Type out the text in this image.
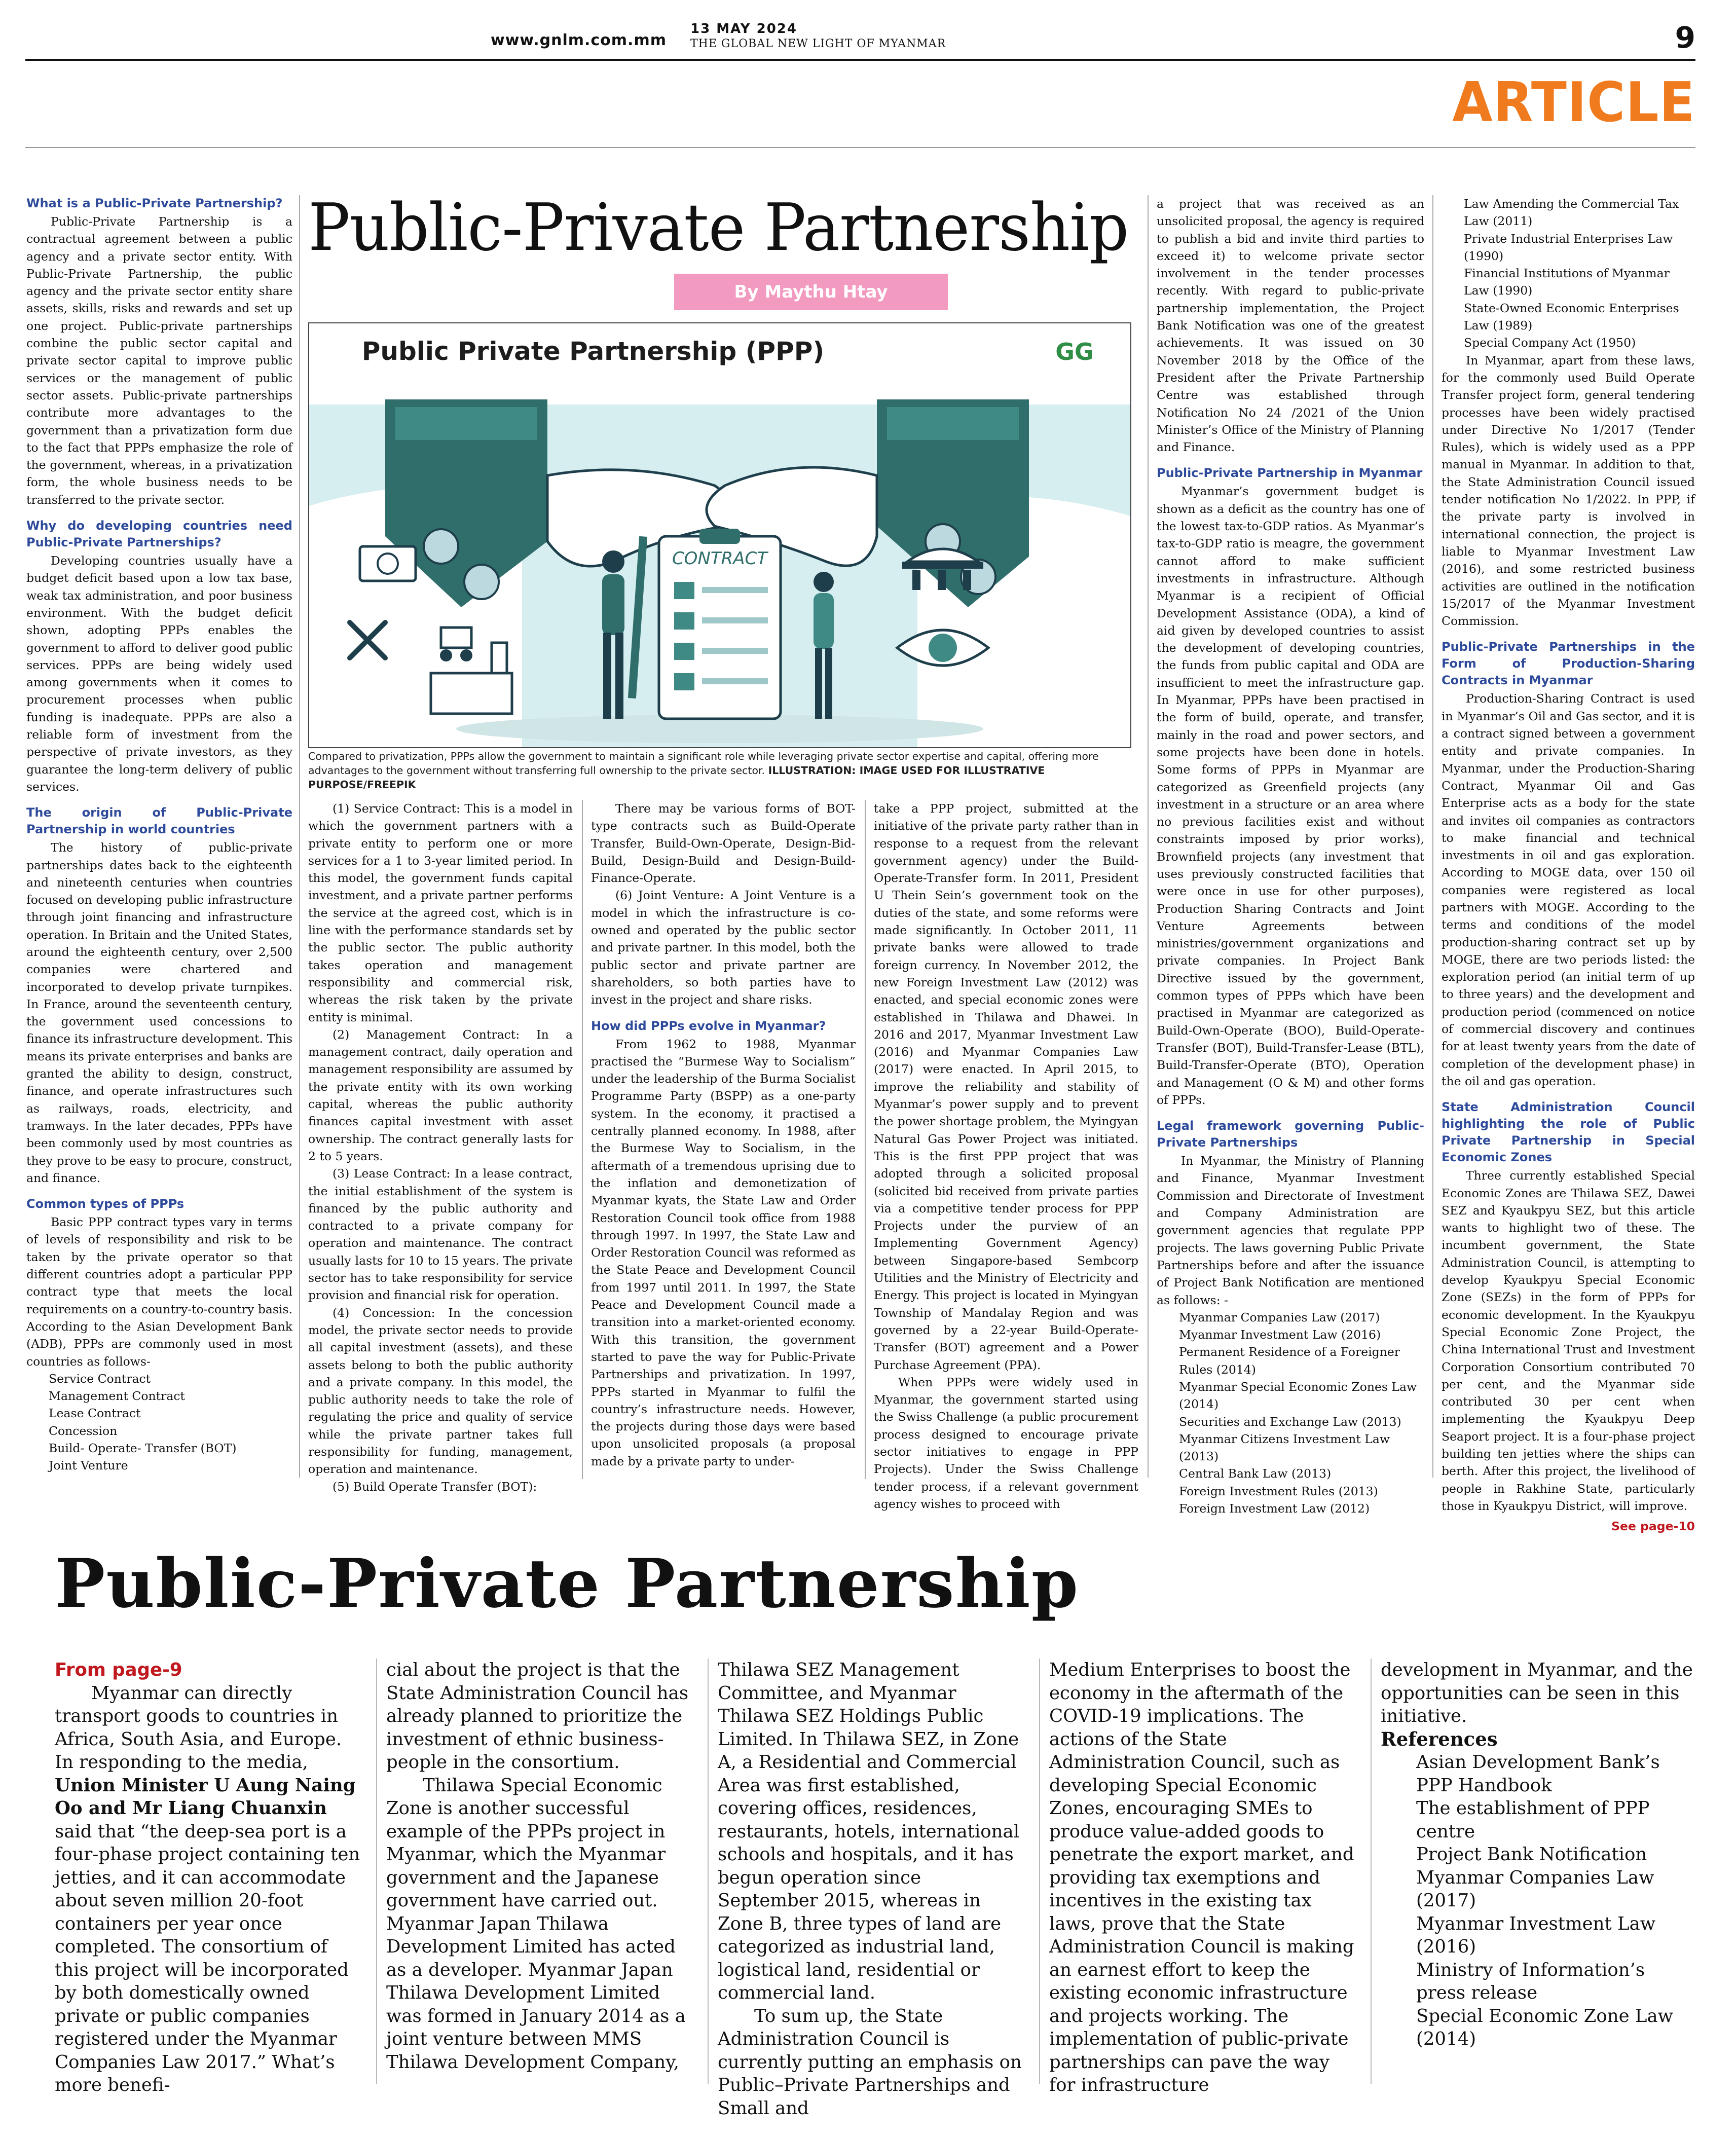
www.gnlm.com.mm
13 MAY 2024
THE GLOBAL NEW LIGHT OF MYANMAR	9
ARTICLE
What is a Public-Private Partnership?

Public-Private Partnership is a contractual agreement between a public agency and a private sector entity. With Public-Private Partnership, the public agency and the private sector entity share assets, skills, risks and rewards and set up one project. Public-private partnerships combine the public sector capital and private sector capital to improve public services or the management of public sector assets. Public-private partnerships contribute more advantages to the government than a privatization form due to the fact that PPPs emphasize the role of the government, whereas, in a privatization form, the whole business needs to be transferred to the private sector.

Why do developing countries need Public-Private Partnerships?

Developing countries usually have a budget deficit based upon a low tax base, weak tax administration, and poor business environment. With the budget deficit shown, adopting PPPs enables the government to afford to deliver good public services. PPPs are being widely used among governments when it comes to procurement processes when public funding is inadequate. PPPs are also a reliable form of investment from the perspective of private investors, as they guarantee the long-term delivery of public services.

The origin of Public-Private Partnership in world countries

The history of public-private partnerships dates back to the eighteenth and nineteenth centuries when countries focused on developing public infrastructure through joint financing and infrastructure operation. In Britain and the United States, around the eighteenth century, over 2,500 companies were chartered and incorporated to develop private turnpikes. In France, around the seventeenth century, the government used concessions to finance its infrastructure development. This means its private enterprises and banks are granted the ability to design, construct, finance, and operate infrastructures such as railways, roads, electricity, and tramways. In the later decades, PPPs have been commonly used by most countries as they prove to be easy to procure, construct, and finance.

Common types of PPPs

Basic PPP contract types vary in terms of levels of responsibility and risk to be taken by the private operator so that different countries adopt a particular PPP contract type that meets the local requirements on a country-to-country basis. According to the Asian Development Bank (ADB), PPPs are commonly used in most countries as follows-

Service Contract
Management Contract
Lease Contract
Concession
Build- Operate- Transfer (BOT)
Joint Venture
Public-Private Partnership
By Maythu Htay
CONTRACT
Public Private Partnership (PPP)	GG
Compared to privatization, PPPs allow the government to maintain a significant role while leveraging private sector expertise and capital, offering more advantages to the government without transferring full ownership to the private sector. ILLUSTRATION: IMAGE USED FOR ILLUSTRATIVE PURPOSE/FREEPIK

(1) Service Contract: This is a model in which the government partners with a private entity to perform one or more services for a 1 to 3-year limited period. In this model, the government funds capital investment, and a private partner performs the service at the agreed cost, which is in line with the performance standards set by the public sector. The public authority takes operation and management responsibility and commercial risk, whereas the risk taken by the private entity is minimal.

(2) Management Contract: In a management contract, daily operation and management responsibility are assumed by the private entity with its own working capital, whereas the public authority finances capital investment with asset ownership. The contract generally lasts for 2 to 5 years.

(3) Lease Contract: In a lease contract, the initial establishment of the system is financed by the public authority and contracted to a private company for operation and maintenance. The contract usually lasts for 10 to 15 years. The private sector has to take responsibility for service provision and financial risk for operation.

(4) Concession: In the concession model, the private sector needs to provide all capital investment (assets), and these assets belong to both the public authority and a private company. In this model, the public authority needs to take the role of regulating the price and quality of service while the private partner takes full responsibility for funding, management, operation and maintenance.

(5) Build Operate Transfer (BOT):

There may be various forms of BOT-type contracts such as Build-Operate Transfer, Build-Own-Operate, Design-Bid-Build, Design-Build and Design-Build-Finance-Operate.

(6) Joint Venture: A Joint Venture is a model in which the infrastructure is co-owned and operated by the public sector and private partner. In this model, both the public sector and private partner are shareholders, so both parties have to invest in the project and share risks.

How did PPPs evolve in Myanmar?

From 1962 to 1988, Myanmar practised the “Burmese Way to Socialism” under the leadership of the Burma Socialist Programme Party (BSPP) as a one-party system. In the economy, it practised a centrally planned economy. In 1988, after the Burmese Way to Socialism, in the aftermath of a tremendous uprising due to the inflation and demonetization of Myanmar kyats, the State Law and Order Restoration Council took office from 1988 through 1997. In 1997, the State Law and Order Restoration Council was reformed as the State Peace and Development Council from 1997 until 2011. In 1997, the State Peace and Development Council made a transition into a market-oriented economy. With this transition, the government started to pave the way for Public-Private Partnerships and privatization. In 1997, PPPs started in Myanmar to fulfil the country’s infrastructure needs. However, the projects during those days were based upon unsolicited proposals (a proposal made by a private party to under-

take a PPP project, submitted at the initiative of the private party rather than in response to a request from the relevant government agency) under the Build-Operate-Transfer form. In 2011, President U Thein Sein’s government took on the duties of the state, and some reforms were made significantly. In October 2011, 11 private banks were allowed to trade foreign currency. In November 2012, the new Foreign Investment Law (2012) was enacted, and special economic zones were established in Thilawa and Dhawei. In 2016 and 2017, Myanmar Investment Law (2016) and Myanmar Companies Law (2017) were enacted. In April 2015, to improve the reliability and stability of Myanmar’s power supply and to prevent the power shortage problem, the Myingyan Natural Gas Power Project was initiated. This is the first PPP project that was adopted through a solicited proposal (solicited bid received from private parties via a competitive tender process for PPP Projects under the purview of an Implementing Government Agency) between Singapore-based Sembcorp Utilities and the Ministry of Electricity and Energy. This project is located in Myingyan Township of Mandalay Region and was governed by a 22-year Build-Operate-Transfer (BOT) agreement and a Power Purchase Agreement (PPA).

When PPPs were widely used in Myanmar, the government started using the Swiss Challenge (a public procurement process designed to encourage private sector initiatives to engage in PPP Projects). Under the Swiss Challenge tender process, if a relevant government agency wishes to proceed with

a project that was received as an unsolicited proposal, the agency is required to publish a bid and invite third parties to exceed it) to welcome private sector involvement in the tender processes recently. With regard to public-private partnership implementation, the Project Bank Notification was one of the greatest achievements. It was issued on 30 November 2018 by the Office of the President after the Private Partnership Centre was established through Notification No 24 /2021 of the Union Minister’s Office of the Ministry of Planning and Finance.

Public-Private Partnership in Myanmar

Myanmar’s government budget is shown as a deficit as the country has one of the lowest tax-to-GDP ratios. As Myanmar’s tax-to-GDP ratio is meagre, the government cannot afford to make sufficient investments in infrastructure. Although Myanmar is a recipient of Official Development Assistance (ODA), a kind of aid given by developed countries to assist the development of developing countries, the funds from public capital and ODA are insufficient to meet the infrastructure gap. In Myanmar, PPPs have been practised in the form of build, operate, and transfer, mainly in the road and power sectors, and some projects have been done in hotels. Some forms of PPPs in Myanmar are categorized as Greenfield projects (any investment in a structure or an area where no previous facilities exist and without constraints imposed by prior works), Brownfield projects (any investment that uses previously constructed facilities that were once in use for other purposes), Production Sharing Contracts and Joint Venture Agreements between ministries/government organizations and private companies. In Project Bank Directive issued by the government, common types of PPPs which have been practised in Myanmar are categorized as Build-Own-Operate (BOO), Build-Operate-Transfer (BOT), Build-Transfer-Lease (BTL), Build-Transfer-Operate (BTO), Operation and Management (O & M) and other forms of PPPs.

Legal framework governing Public-Private Partnerships

In Myanmar, the Ministry of Planning and Finance, Myanmar Investment Commission and Directorate of Investment and Company Administration are government agencies that regulate PPP projects. The laws governing Public Private Partnerships before and after the issuance of Project Bank Notification are mentioned as follows: -

Myanmar Companies Law (2017)
Myanmar Investment Law (2016)
Permanent Residence of a Foreigner Rules (2014)
Myanmar Special Economic Zones Law (2014)
Securities and Exchange Law (2013)
Myanmar Citizens Investment Law (2013)
Central Bank Law (2013)
Foreign Investment Rules (2013)
Foreign Investment Law (2012)
Law Amending the Commercial Tax Law (2011)
Private Industrial Enterprises Law (1990)
Financial Institutions of Myanmar Law (1990)
State-Owned Economic Enterprises Law (1989)
Special Company Act (1950)

In Myanmar, apart from these laws, for the commonly used Build Operate Transfer project form, general tendering processes have been widely practised under Directive No 1/2017 (Tender Rules), which is widely used as a PPP manual in Myanmar. In addition to that, the State Administration Council issued tender notification No 1/2022. In PPP, if the private party is involved in international connection, the project is liable to Myanmar Investment Law (2016), and some restricted business activities are outlined in the notification 15/2017 of the Myanmar Investment Commission.

Public-Private Partnerships in the Form of Production-Sharing Contracts in Myanmar

Production-Sharing Contract is used in Myanmar’s Oil and Gas sector, and it is a contract signed between a government entity and private companies. In Myanmar, under the Production-Sharing Contract, Myanmar Oil and Gas Enterprise acts as a body for the state and invites oil companies as contractors to make financial and technical investments in oil and gas exploration. According to MOGE data, over 150 oil companies were registered as local partners with MOGE. According to the terms and conditions of the model production-sharing contract set up by MOGE, there are two periods listed: the exploration period (an initial term of up to three years) and the development and production period (commenced on notice of commercial discovery and continues for at least twenty years from the date of completion of the development phase) in the oil and gas operation.

State Administration Council highlighting the role of Public Private Partnership in Special Economic Zones

Three currently established Special Economic Zones are Thilawa SEZ, Dawei SEZ and Kyaukpyu SEZ, but this article wants to highlight two of these. The incumbent government, the State Administration Council, is attempting to develop Kyaukpyu Special Economic Zone (SEZs) in the form of PPPs for economic development. In the Kyaukpyu Special Economic Zone Project, the China International Trust and Investment Corporation Consortium contributed 70 per cent, and the Myanmar side contributed 30 per cent when implementing the Kyaukpyu Deep Seaport project. It is a four-phase project building ten jetties where the ships can berth. After this project, the livelihood of people in Rakhine State, particularly those in Kyaukpyu District, will improve.

See page-10
Public-Private Partnership

From page-9

Myanmar can directly transport goods to countries in Africa, South Asia, and Europe. In responding to the media, Union Minister U Aung Naing Oo and Mr Liang Chuanxin said that “the deep-sea port is a four-phase project containing ten jetties, and it can accommodate about seven million 20-foot containers per year once completed. The consortium of this project will be incorporated by both domestically owned private or public companies registered under the Myanmar Companies Law 2017.” What’s more benefi-

cial about the project is that the State Administration Council has already planned to prioritize the investment of ethnic business-people in the consortium.

Thilawa Special Economic Zone is another successful example of the PPPs project in Myanmar, which the Myanmar government and the Japanese government have carried out. Myanmar Japan Thilawa Development Limited has acted as a developer. Myanmar Japan Thilawa Development Limited was formed in January 2014 as a joint venture between MMS Thilawa Development Company,

Thilawa SEZ Management Committee, and Myanmar Thilawa SEZ Holdings Public Limited. In Thilawa SEZ, in Zone A, a Residential and Commercial Area was first established, covering offices, residences, restaurants, hotels, international schools and hospitals, and it has begun operation since September 2015, whereas in Zone B, three types of land are categorized as industrial land, logistical land, residential or commercial land.

To sum up, the State Administration Council is currently putting an emphasis on Public–Private Partnerships and Small and

Medium Enterprises to boost the economy in the aftermath of the COVID-19 implications. The actions of the State Administration Council, such as developing Special Economic Zones, encouraging SMEs to produce value-added goods to penetrate the export market, and providing tax exemptions and incentives in the existing tax laws, prove that the State Administration Council is making an earnest effort to keep the existing economic infrastructure and projects working. The implementation of public-private partnerships can pave the way for infrastructure

development in Myanmar, and the opportunities can be seen in this initiative.

References
Asian Development Bank’s PPP Handbook
The establishment of PPP centre
Project Bank Notification
Myanmar Companies Law (2017)
Myanmar Investment Law (2016)
Ministry of Information’s press release
Special Economic Zone Law (2014)
